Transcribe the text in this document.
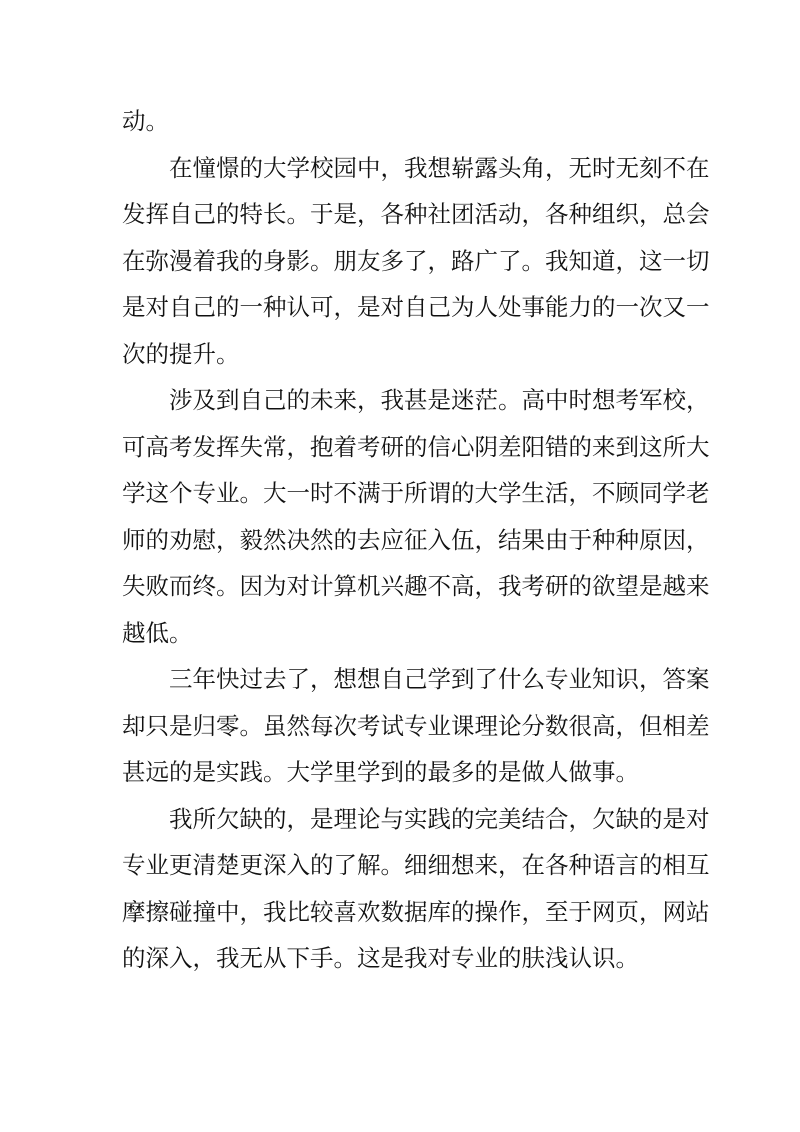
动。
在憧憬的大学校园中，我想崭露头角，无时无刻不在
发挥自己的特长。于是，各种社团活动，各种组织，总会
在弥漫着我的身影。朋友多了，路广了。我知道，这一切
是对自己的一种认可，是对自己为人处事能力的一次又一
次的提升。
涉及到自己的未来，我甚是迷茫。高中时想考军校，
可高考发挥失常，抱着考研的信心阴差阳错的来到这所大
学这个专业。大一时不满于所谓的大学生活，不顾同学老
师的劝慰，毅然决然的去应征入伍，结果由于种种原因，
失败而终。因为对计算机兴趣不高，我考研的欲望是越来
越低。
三年快过去了，想想自己学到了什么专业知识，答案
却只是归零。虽然每次考试专业课理论分数很高，但相差
甚远的是实践。大学里学到的最多的是做人做事。
我所欠缺的，是理论与实践的完美结合，欠缺的是对
专业更清楚更深入的了解。细细想来，在各种语言的相互
摩擦碰撞中，我比较喜欢数据库的操作，至于网页，网站
的深入，我无从下手。这是我对专业的肤浅认识。
